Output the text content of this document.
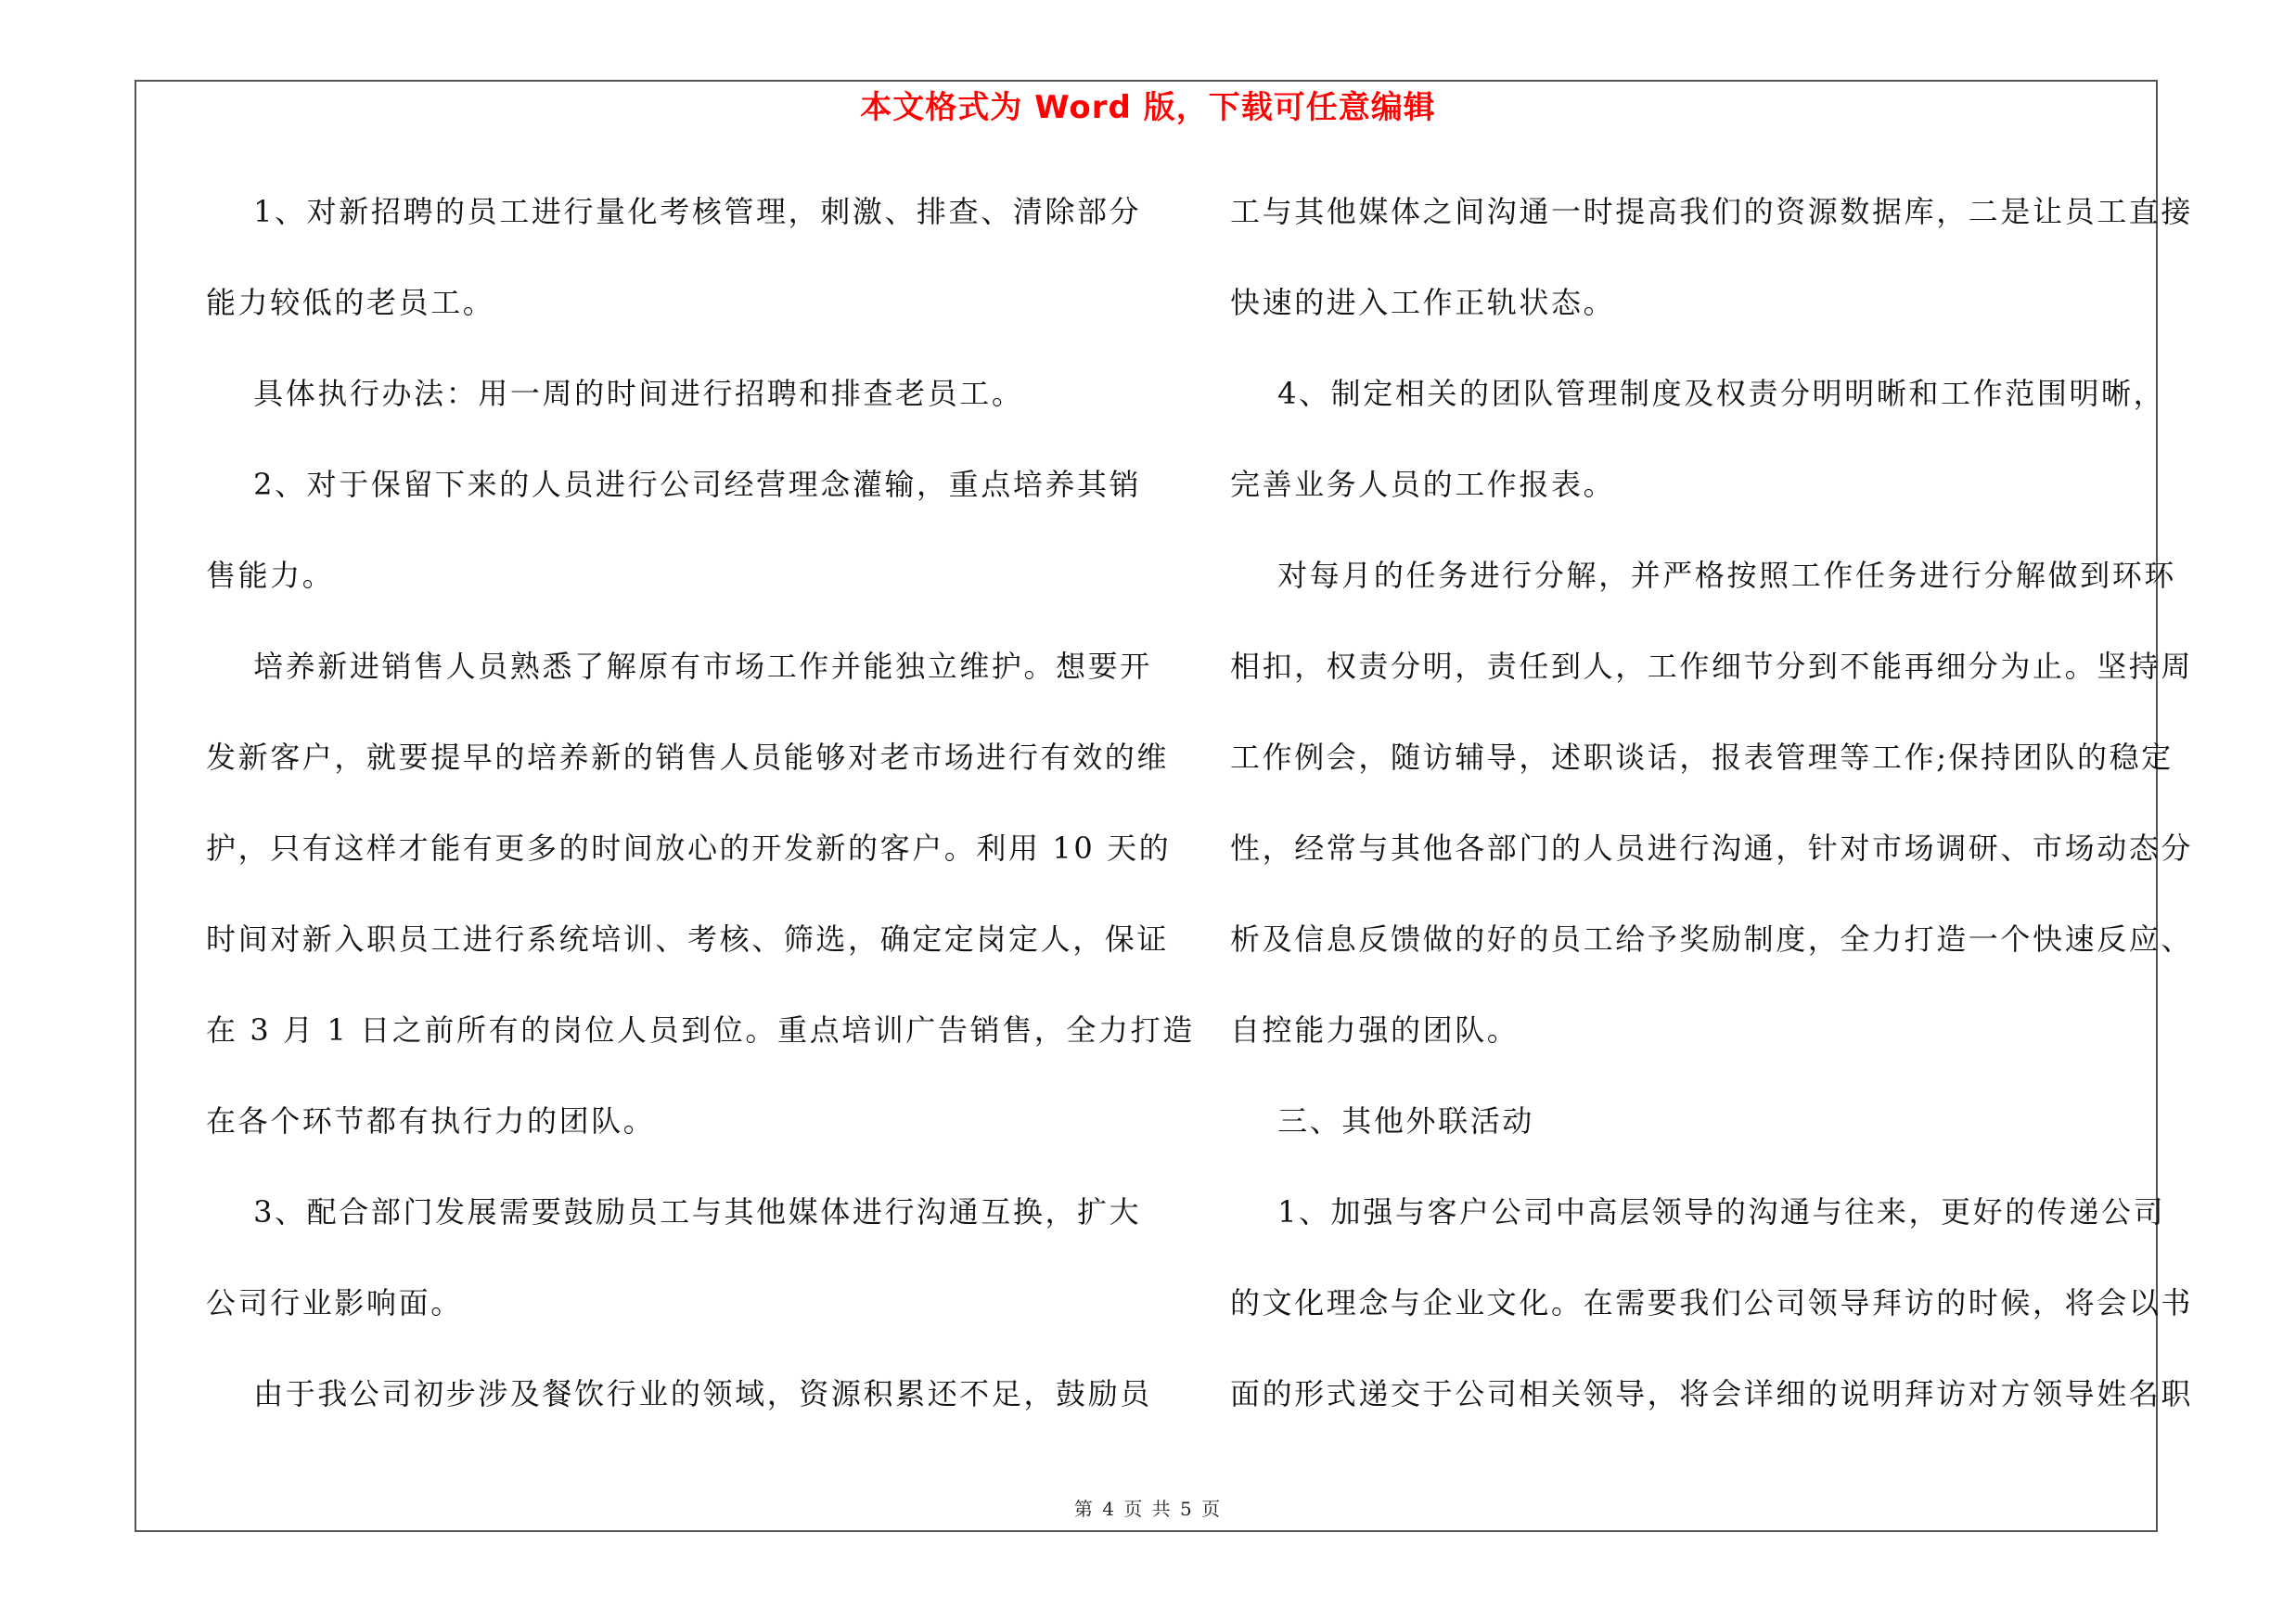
本文格式为 Word 版，下载可任意编辑
1、对新招聘的员工进行量化考核管理，刺激、排查、清除部分
能力较低的老员工。
具体执行办法：用一周的时间进行招聘和排查老员工。
2、对于保留下来的人员进行公司经营理念灌输，重点培养其销
售能力。
培养新进销售人员熟悉了解原有市场工作并能独立维护。想要开
发新客户，就要提早的培养新的销售人员能够对老市场进行有效的维
护，只有这样才能有更多的时间放心的开发新的客户。利用 10 天的
时间对新入职员工进行系统培训、考核、筛选，确定定岗定人，保证
在 3 月 1 日之前所有的岗位人员到位。重点培训广告销售，全力打造
在各个环节都有执行力的团队。
3、配合部门发展需要鼓励员工与其他媒体进行沟通互换，扩大
公司行业影响面。
由于我公司初步涉及餐饮行业的领域，资源积累还不足，鼓励员
工与其他媒体之间沟通一时提高我们的资源数据库，二是让员工直接
快速的进入工作正轨状态。
4、制定相关的团队管理制度及权责分明明晰和工作范围明晰，
完善业务人员的工作报表。
对每月的任务进行分解，并严格按照工作任务进行分解做到环环
相扣，权责分明，责任到人，工作细节分到不能再细分为止。坚持周
工作例会，随访辅导，述职谈话，报表管理等工作;保持团队的稳定
性，经常与其他各部门的人员进行沟通，针对市场调研、市场动态分
析及信息反馈做的好的员工给予奖励制度，全力打造一个快速反应、
自控能力强的团队。
三、其他外联活动
1、加强与客户公司中高层领导的沟通与往来，更好的传递公司
的文化理念与企业文化。在需要我们公司领导拜访的时候，将会以书
面的形式递交于公司相关领导，将会详细的说明拜访对方领导姓名职
第 4 页 共 5 页
